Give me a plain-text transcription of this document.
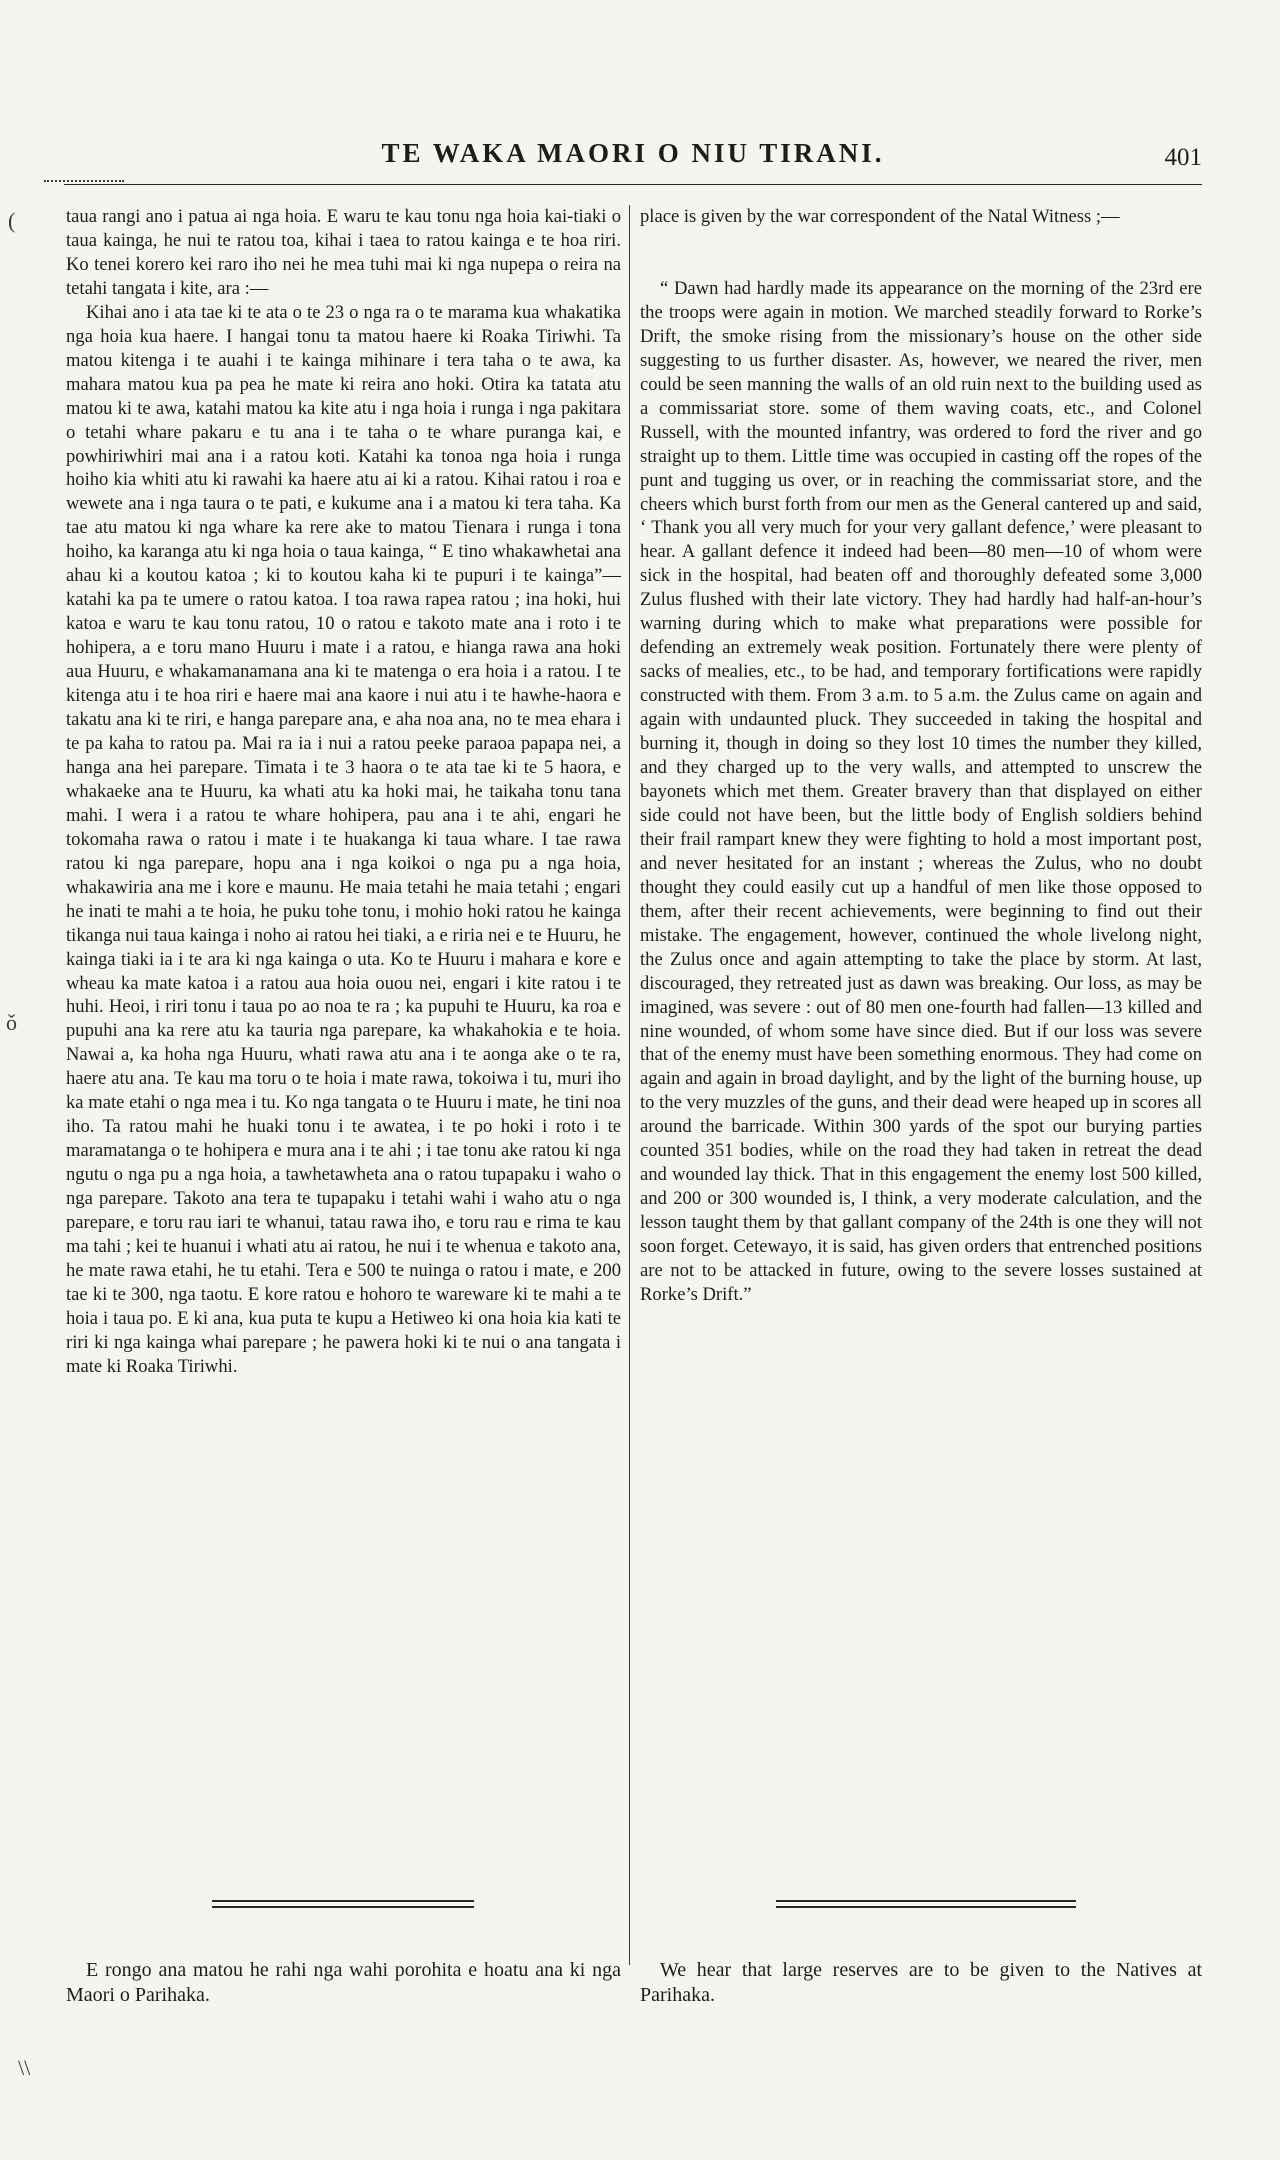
TE WAKA MAORI O NIU TIRANI.	401

taua rangi ano i patua ai nga hoia. E waru te kau tonu nga hoia kai-tiaki o taua kainga, he nui te ratou toa, kihai i taea to ratou kainga e te hoa riri. Ko tenei korero kei raro iho nei he mea tuhi mai ki nga nupepa o reira na tetahi tangata i kite, ara :—

Kihai ano i ata tae ki te ata o te 23 o nga ra o te marama kua whakatika nga hoia kua haere. I hangai tonu ta matou haere ki Roaka Tiriwhi. Ta matou kitenga i te auahi i te kainga mihinare i tera taha o te awa, ka mahara matou kua pa pea he mate ki reira ano hoki. Otira ka tatata atu matou ki te awa, katahi matou ka kite atu i nga hoia i runga i nga pakitara o tetahi whare pakaru e tu ana i te taha o te whare puranga kai, e powhiriwhiri mai ana i a ratou koti. Katahi ka tonoa nga hoia i runga hoiho kia whiti atu ki rawahi ka haere atu ai ki a ratou. Kihai ratou i roa e wewete ana i nga taura o te pati, e kukume ana i a matou ki tera taha. Ka tae atu matou ki nga whare ka rere ake to matou Tienara i runga i tona hoiho, ka karanga atu ki nga hoia o taua kainga, “ E tino whakawhetai ana ahau ki a koutou katoa ; ki to koutou kaha ki te pupuri i te kainga”—katahi ka pa te umere o ratou katoa. I toa rawa rapea ratou ; ina hoki, hui katoa e waru te kau tonu ratou, 10 o ratou e takoto mate ana i roto i te hohipera, a e toru mano Huuru i mate i a ratou, e hianga rawa ana hoki aua Huuru, e whakamanamana ana ki te matenga o era hoia i a ratou. I te kitenga atu i te hoa riri e haere mai ana kaore i nui atu i te hawhe-haora e takatu ana ki te riri, e hanga parepare ana, e aha noa ana, no te mea ehara i te pa kaha to ratou pa. Mai ra ia i nui a ratou peeke paraoa papapa nei, a hanga ana hei parepare. Timata i te 3 haora o te ata tae ki te 5 haora, e whakaeke ana te Huuru, ka whati atu ka hoki mai, he taikaha tonu tana mahi. I wera i a ratou te whare hohipera, pau ana i te ahi, engari he tokomaha rawa o ratou i mate i te huakanga ki taua whare. I tae rawa ratou ki nga parepare, hopu ana i nga koikoi o nga pu a nga hoia, whakawiria ana me i kore e maunu. He maia tetahi he maia tetahi ; engari he inati te mahi a te hoia, he puku tohe tonu, i mohio hoki ratou he kainga tikanga nui taua kainga i noho ai ratou hei tiaki, a e riria nei e te Huuru, he kainga tiaki ia i te ara ki nga kainga o uta. Ko te Huuru i mahara e kore e wheau ka mate katoa i a ratou aua hoia ouou nei, engari i kite ratou i te huhi. Heoi, i riri tonu i taua po ao noa te ra ; ka pupuhi te Huuru, ka roa e pupuhi ana ka rere atu ka tauria nga parepare, ka whakahokia e te hoia. Nawai a, ka hoha nga Huuru, whati rawa atu ana i te aonga ake o te ra, haere atu ana. Te kau ma toru o te hoia i mate rawa, tokoiwa i tu, muri iho ka mate etahi o nga mea i tu. Ko nga tangata o te Huuru i mate, he tini noa iho. Ta ratou mahi he huaki tonu i te awatea, i te po hoki i roto i te maramatanga o te hohipera e mura ana i te ahi ; i tae tonu ake ratou ki nga ngutu o nga pu a nga hoia, a tawhetawheta ana o ratou tupapaku i waho o nga parepare. Takoto ana tera te tupapaku i tetahi wahi i waho atu o nga parepare, e toru rau iari te whanui, tatau rawa iho, e toru rau e rima te kau ma tahi ; kei te huanui i whati atu ai ratou, he nui i te whenua e takoto ana, he mate rawa etahi, he tu etahi. Tera e 500 te nuinga o ratou i mate, e 200 tae ki te 300, nga taotu. E kore ratou e hohoro te wareware ki te mahi a te hoia i taua po. E ki ana, kua puta te kupu a Hetiweo ki ona hoia kia kati te riri ki nga kainga whai parepare ; he pawera hoki ki te nui o ana tangata i mate ki Roaka Tiriwhi.

place is given by the war correspondent of the Natal Witness ;—

“ Dawn had hardly made its appearance on the morning of the 23rd ere the troops were again in motion. We marched steadily forward to Rorke’s Drift, the smoke rising from the missionary’s house on the other side suggesting to us further disaster. As, however, we neared the river, men could be seen manning the walls of an old ruin next to the building used as a commissariat store. some of them waving coats, etc., and Colonel Russell, with the mounted infantry, was ordered to ford the river and go straight up to them. Little time was occupied in casting off the ropes of the punt and tugging us over, or in reaching the commissariat store, and the cheers which burst forth from our men as the General cantered up and said, ‘ Thank you all very much for your very gallant defence,’ were pleasant to hear. A gallant defence it indeed had been—80 men—10 of whom were sick in the hospital, had beaten off and thoroughly defeated some 3,000 Zulus flushed with their late victory. They had hardly had half-an-hour’s warning during which to make what preparations were possible for defending an extremely weak position. Fortunately there were plenty of sacks of mealies, etc., to be had, and temporary fortifications were rapidly constructed with them. From 3 a.m. to 5 a.m. the Zulus came on again and again with undaunted pluck. They succeeded in taking the hospital and burning it, though in doing so they lost 10 times the number they killed, and they charged up to the very walls, and attempted to unscrew the bayonets which met them. Greater bravery than that displayed on either side could not have been, but the little body of English soldiers behind their frail rampart knew they were fighting to hold a most important post, and never hesitated for an instant ; whereas the Zulus, who no doubt thought they could easily cut up a handful of men like those opposed to them, after their recent achievements, were beginning to find out their mistake. The engagement, however, continued the whole livelong night, the Zulus once and again attempting to take the place by storm. At last, discouraged, they retreated just as dawn was breaking. Our loss, as may be imagined, was severe : out of 80 men one-fourth had fallen—13 killed and nine wounded, of whom some have since died. But if our loss was severe that of the enemy must have been something enormous. They had come on again and again in broad daylight, and by the light of the burning house, up to the very muzzles of the guns, and their dead were heaped up in scores all around the barricade. Within 300 yards of the spot our burying parties counted 351 bodies, while on the road they had taken in retreat the dead and wounded lay thick. That in this engagement the enemy lost 500 killed, and 200 or 300 wounded is, I think, a very moderate calculation, and the lesson taught them by that gallant company of the 24th is one they will not soon forget. Cetewayo, it is said, has given orders that entrenched positions are not to be attacked in future, owing to the severe losses sustained at Rorke’s Drift.”

E rongo ana matou he rahi nga wahi porohita e hoatu ana ki nga Maori o Parihaka.

We hear that large reserves are to be given to the Natives at Parihaka.

(
ǒ
\\
